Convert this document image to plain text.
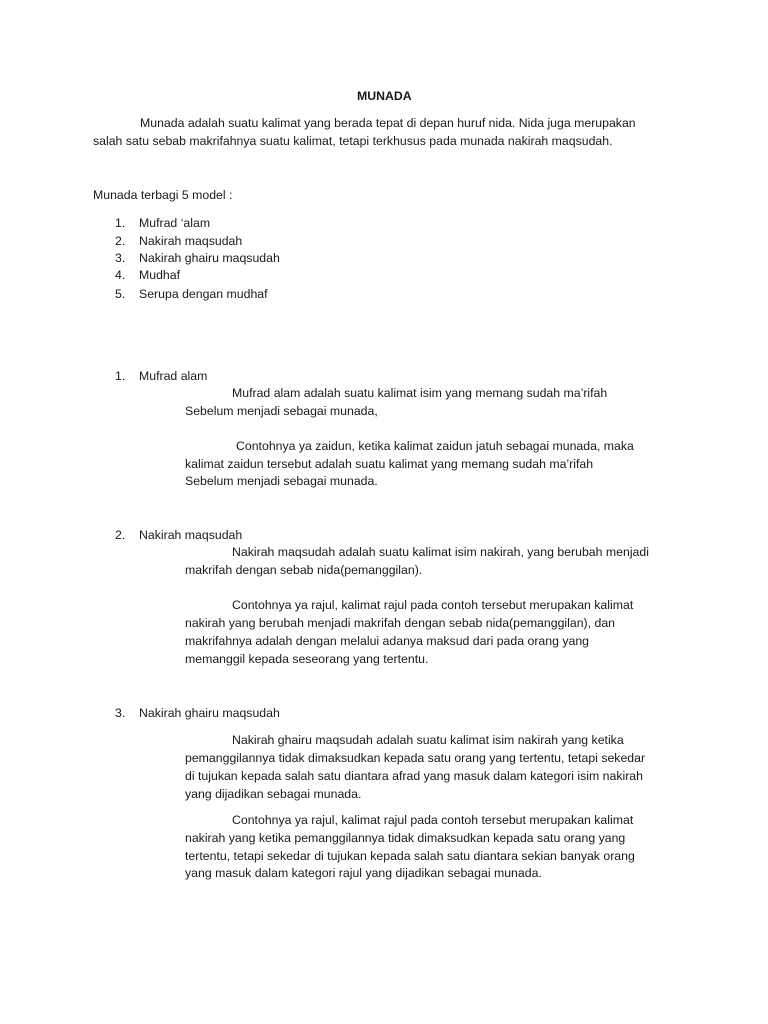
MUNADA
Munada adalah suatu kalimat yang berada tepat di depan huruf nida. Nida juga merupakan
salah satu sebab makrifahnya suatu kalimat, tetapi terkhusus pada munada nakirah maqsudah.
Munada terbagi 5 model :
1. Mufrad ‘alam
2. Nakirah maqsudah
3. Nakirah ghairu maqsudah
4. Mudhaf
5. Serupa dengan mudhaf
1. Mufrad alam
Mufrad alam adalah suatu kalimat isim yang memang sudah ma’rifah
Sebelum menjadi sebagai munada,
Contohnya ya zaidun, ketika kalimat zaidun jatuh sebagai munada, maka
kalimat zaidun tersebut adalah suatu kalimat yang memang sudah ma’rifah
Sebelum menjadi sebagai munada.
2. Nakirah maqsudah
Nakirah maqsudah adalah suatu kalimat isim nakirah, yang berubah menjadi
makrifah dengan sebab nida(pemanggilan).
Contohnya ya rajul, kalimat rajul pada contoh tersebut merupakan kalimat
nakirah yang berubah menjadi makrifah dengan sebab nida(pemanggilan), dan
makrifahnya adalah dengan melalui adanya maksud dari pada orang yang
memanggil kepada seseorang yang tertentu.
3. Nakirah ghairu maqsudah
Nakirah ghairu maqsudah adalah suatu kalimat isim nakirah yang ketika
pemanggilannya tidak dimaksudkan kepada satu orang yang tertentu, tetapi sekedar
di tujukan kepada salah satu diantara afrad yang masuk dalam kategori isim nakirah
yang dijadikan sebagai munada.
Contohnya ya rajul, kalimat rajul pada contoh tersebut merupakan kalimat
nakirah yang ketika pemanggilannya tidak dimaksudkan kepada satu orang yang
tertentu, tetapi sekedar di tujukan kepada salah satu diantara sekian banyak orang
yang masuk dalam kategori rajul yang dijadikan sebagai munada.
